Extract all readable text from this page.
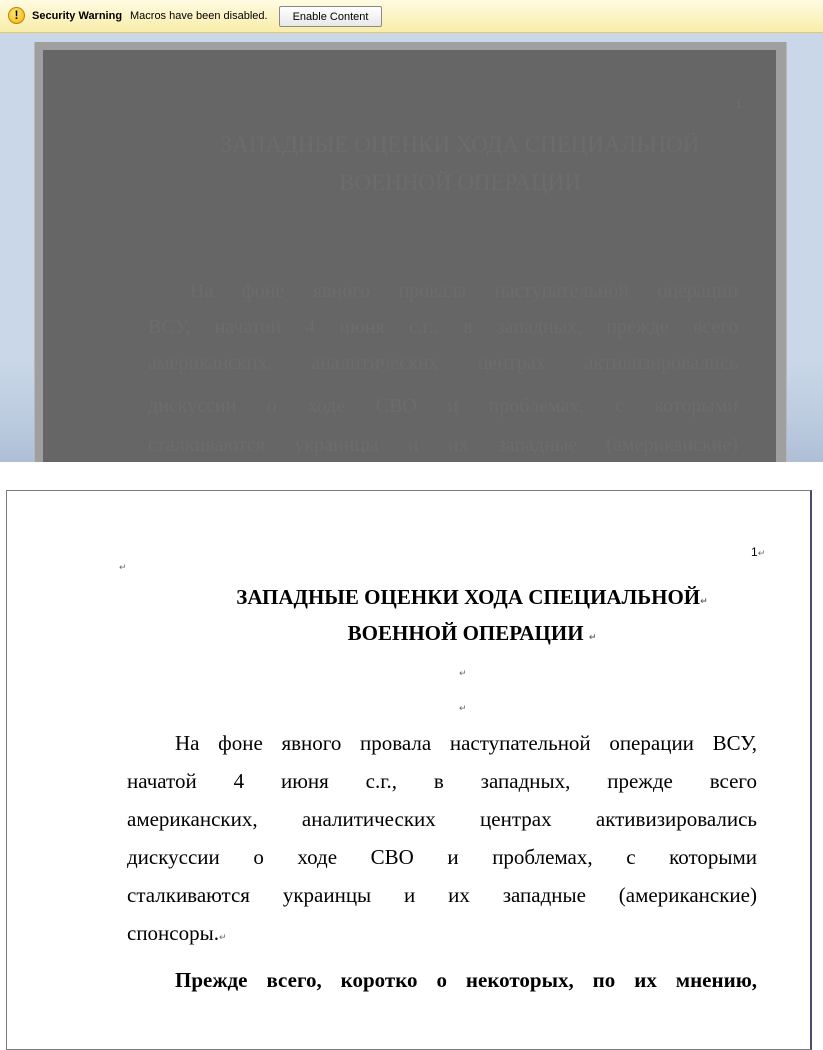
!	Security Warning Macros have been disabled.	Enable Content
1
ЗАПАДНЫЕ ОЦЕНКИ ХОДА СПЕЦИАЛЬНОЙ
ВОЕННОЙ ОПЕРАЦИИ
На фоне явного провала наступательной операции
ВСУ, начатой 4 июня с.г., в западных, прежде всего
американских, аналитических центрах активизировались
дискуссии о ходе СВО и проблемах, с которыми
сталкиваются украинцы и их западные (американские)
1↵
↵
ЗАПАДНЫЕ ОЦЕНКИ ХОДА СПЕЦИАЛЬНОЙ↵
ВОЕННОЙ ОПЕРАЦИИ ↵
↵
↵
На фоне явного провала наступательной операции ВСУ,
начатой 4 июня с.г., в западных, прежде всего
американских, аналитических центрах активизировались
дискуссии о ходе СВО и проблемах, с которыми
сталкиваются украинцы и их западные (американские)
спонсоры.↵
Прежде всего, коротко о некоторых, по их мнению,
